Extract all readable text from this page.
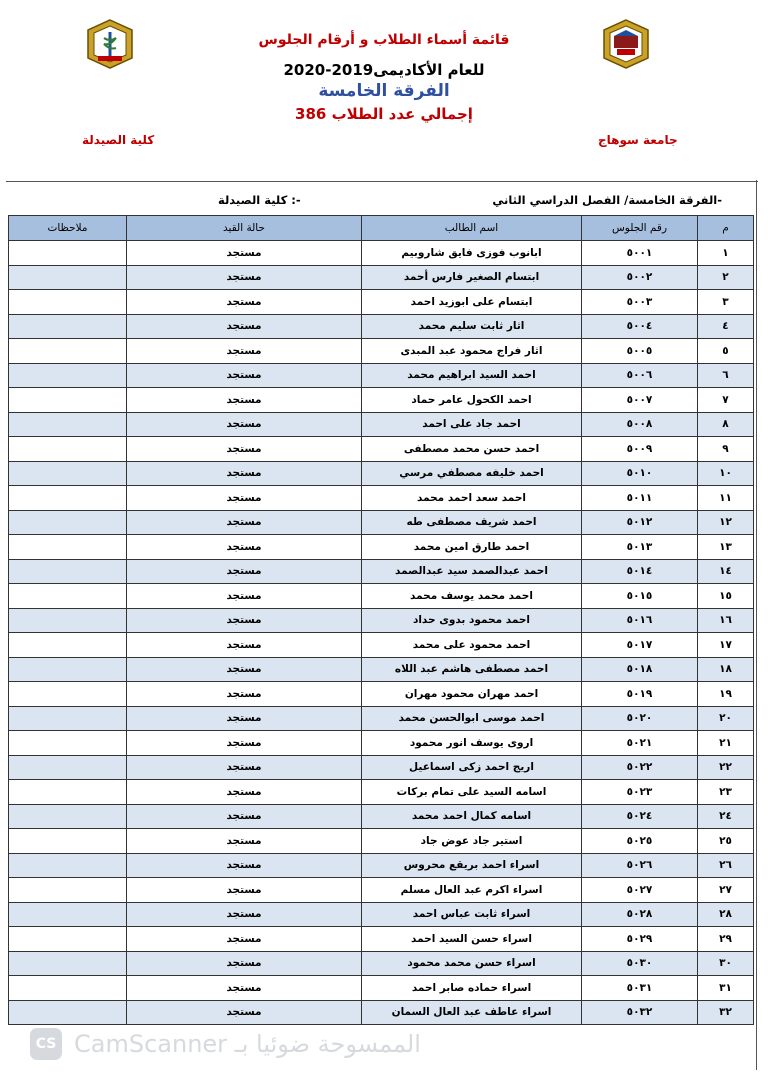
قائمة أسماء الطلاب و أرقام الجلوس
للعام الأكاديمى2019-2020
الفرقة الخامسة
إجمالي عدد الطلاب 386
جامعة سوهاج
كلية الصيدلة
-الفرقة الخامسة/ الفصل الدراسي الثاني
-: كلية الصيدلة
م	رقم الجلوس	اسم الطالب	حالة القيد	ملاحظات
١	٥٠٠١	ابانوب فوزى فايق شاروبيم	مستجد	
٢	٥٠٠٢	ابتسام الصغير فارس أحمد	مستجد	
٣	٥٠٠٣	ابتسام على ابوزيد احمد	مستجد	
٤	٥٠٠٤	اثار ثابت سليم محمد	مستجد	
٥	٥٠٠٥	اثار فراج محمود عبد المبدى	مستجد	
٦	٥٠٠٦	احمد السيد ابراهيم محمد	مستجد	
٧	٥٠٠٧	احمد الكحول عامر حماد	مستجد	
٨	٥٠٠٨	احمد جاد على احمد	مستجد	
٩	٥٠٠٩	احمد حسن محمد مصطفى	مستجد	
١٠	٥٠١٠	احمد خليفه مصطفي مرسي	مستجد	
١١	٥٠١١	احمد سعد احمد محمد	مستجد	
١٢	٥٠١٢	احمد شريف مصطفى طه	مستجد	
١٣	٥٠١٣	احمد طارق امين محمد	مستجد	
١٤	٥٠١٤	احمد عبدالصمد سيد عبدالصمد	مستجد	
١٥	٥٠١٥	احمد محمد يوسف محمد	مستجد	
١٦	٥٠١٦	احمد محمود بدوى حداد	مستجد	
١٧	٥٠١٧	احمد محمود على محمد	مستجد	
١٨	٥٠١٨	احمد مصطفى هاشم عبد اللاه	مستجد	
١٩	٥٠١٩	احمد مهران محمود مهران	مستجد	
٢٠	٥٠٢٠	احمد موسى ابوالحسن محمد	مستجد	
٢١	٥٠٢١	اروى يوسف انور محمود	مستجد	
٢٢	٥٠٢٢	اريج احمد زكى اسماعيل	مستجد	
٢٣	٥٠٢٣	اسامه السيد على تمام بركات	مستجد	
٢٤	٥٠٢٤	اسامه كمال احمد محمد	مستجد	
٢٥	٥٠٢٥	استير جاد عوض جاد	مستجد	
٢٦	٥٠٢٦	اسراء احمد بريقع محروس	مستجد	
٢٧	٥٠٢٧	اسراء اكرم عبد العال مسلم	مستجد	
٢٨	٥٠٢٨	اسراء ثابت عباس احمد	مستجد	
٢٩	٥٠٢٩	اسراء حسن السيد احمد	مستجد	
٣٠	٥٠٣٠	اسراء حسن محمد محمود	مستجد	
٣١	٥٠٣١	اسراء حماده صابر احمد	مستجد	
٣٢	٥٠٣٢	اسراء عاطف عبد العال السمان	مستجد	
CS CamScanner الممسوحة ضوئيا بـ
